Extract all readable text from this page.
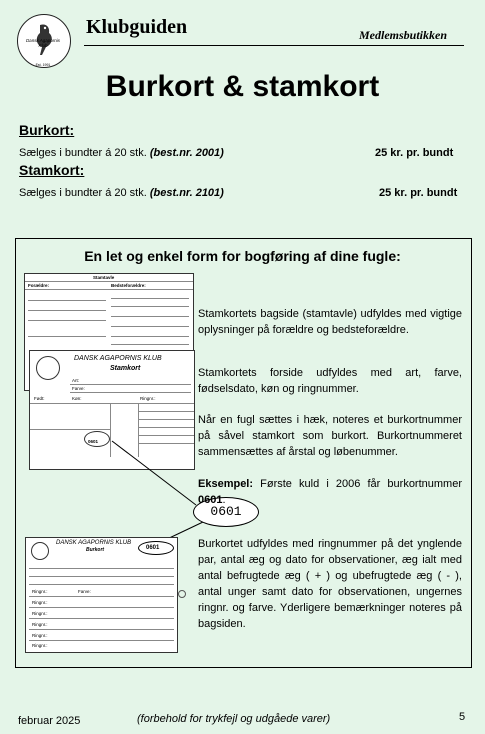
Dansk Agapornis Klub
Est. 1991
Klubguiden	Medlemsbutikken
Burkort & stamkort
Burkort:
Sælges i bundter á 20 stk. (best.nr. 2001)	25 kr. pr. bundt
Stamkort:
Sælges i bundter á 20 stk. (best.nr. 2101)	25 kr. pr. bundt
En let og enkel form for bogføring af dine fugle:
Stamtavle
Forældre:	Bedsteforældre:
DANSK AGAPORNIS KLUB
Stamkort
Art:
Farve:
Født:	Køn:	Ringnr.:
0601
0601
DANSK AGAPORNIS KLUB
Burkort	0601
Ringnr.:
Ringnr.:
Ringnr.:
Ringnr.:
Ringnr.:
Ringnr.:
Farve:
Stamkortets bagside (stamtavle) udfyldes med vigtige oplysninger på forældre og bedsteforældre.
Stamkortets forside udfyldes med art, farve, fødselsdato, køn og ringnummer.
Når en fugl sættes i hæk, noteres et burkortnummer på såvel stamkort som burkort. Burkortnummeret sammensættes af årstal og løbenummer.
Eksempel: Første kuld i 2006 får burkortnummer 0601.
Burkortet udfyldes med ringnummer på det ynglende par, antal æg og dato for observationer, æg ialt med antal befrugtede æg ( + ) og ubefrugtede æg ( - ), antal unger samt dato for observationen, ungernes ringnr. og farve. Yderligere bemærkninger noteres på bagsiden.
februar 2025	(forbehold for trykfejl og udgåede varer)	5
